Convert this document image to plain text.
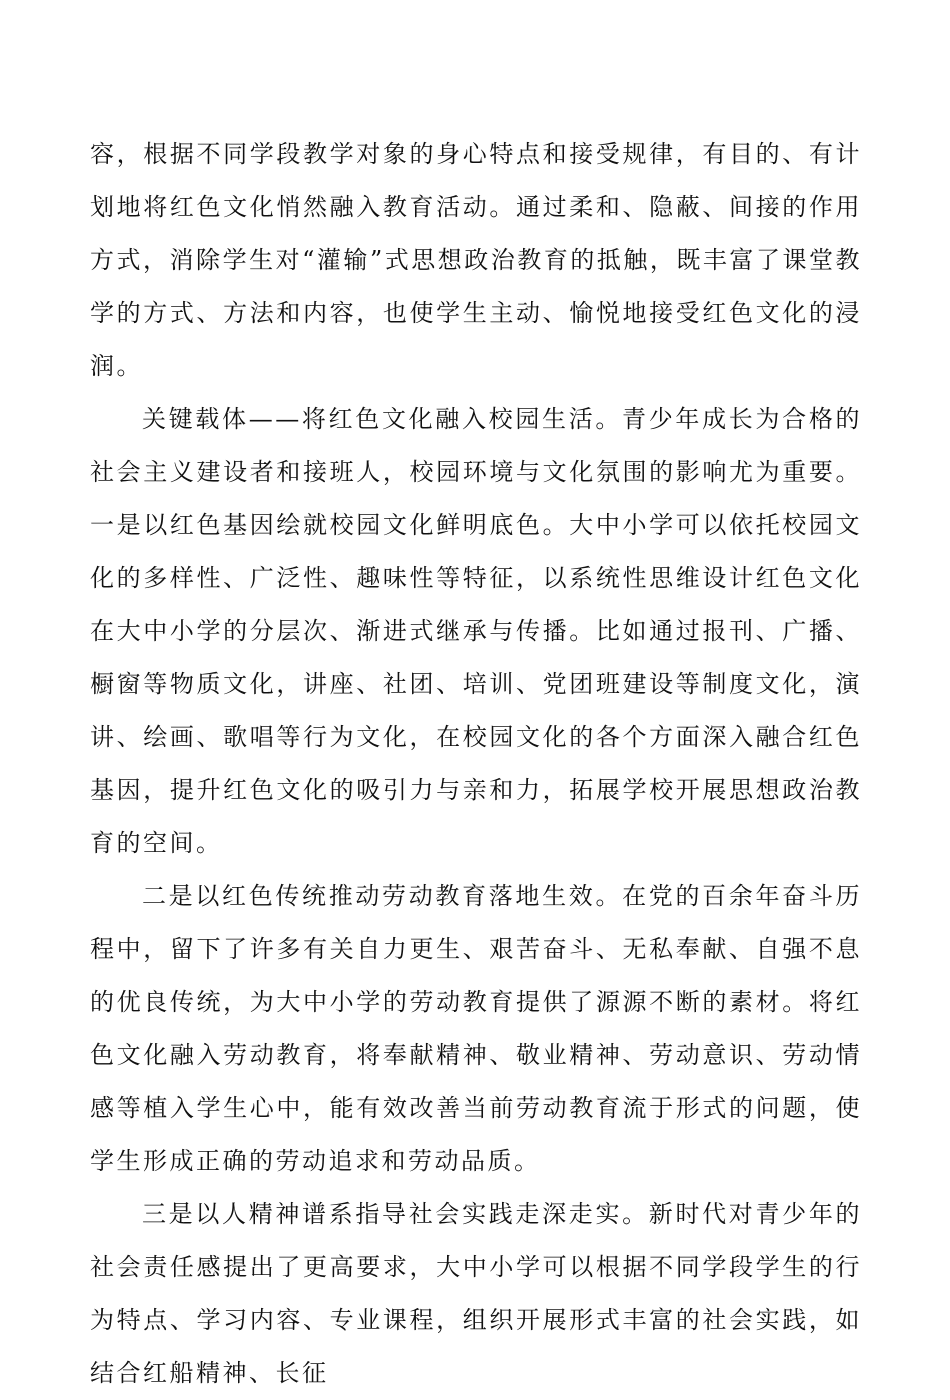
容，根据不同学段教学对象的身心特点和接受规律，有目的、有计划地将红色文化悄然融入教育活动。通过柔和、隐蔽、间接的作用方式，消除学生对“灌输”式思想政治教育的抵触，既丰富了课堂教学的方式、方法和内容，也使学生主动、愉悦地接受红色文化的浸润。

关键载体——将红色文化融入校园生活。青少年成长为合格的社会主义建设者和接班人，校园环境与文化氛围的影响尤为重要。一是以红色基因绘就校园文化鲜明底色。大中小学可以依托校园文化的多样性、广泛性、趣味性等特征，以系统性思维设计红色文化在大中小学的分层次、渐进式继承与传播。比如通过报刊、广播、橱窗等物质文化，讲座、社团、培训、党团班建设等制度文化，演讲、绘画、歌唱等行为文化，在校园文化的各个方面深入融合红色基因，提升红色文化的吸引力与亲和力，拓展学校开展思想政治教育的空间。

二是以红色传统推动劳动教育落地生效。在党的百余年奋斗历程中，留下了许多有关自力更生、艰苦奋斗、无私奉献、自强不息的优良传统，为大中小学的劳动教育提供了源源不断的素材。将红色文化融入劳动教育，将奉献精神、敬业精神、劳动意识、劳动情感等植入学生心中，能有效改善当前劳动教育流于形式的问题，使学生形成正确的劳动追求和劳动品质。

三是以人精神谱系指导社会实践走深走实。新时代对青少年的社会责任感提出了更高要求，大中小学可以根据不同学段学生的行为特点、学习内容、专业课程，组织开展形式丰富的社会实践，如结合红船精神、长征
